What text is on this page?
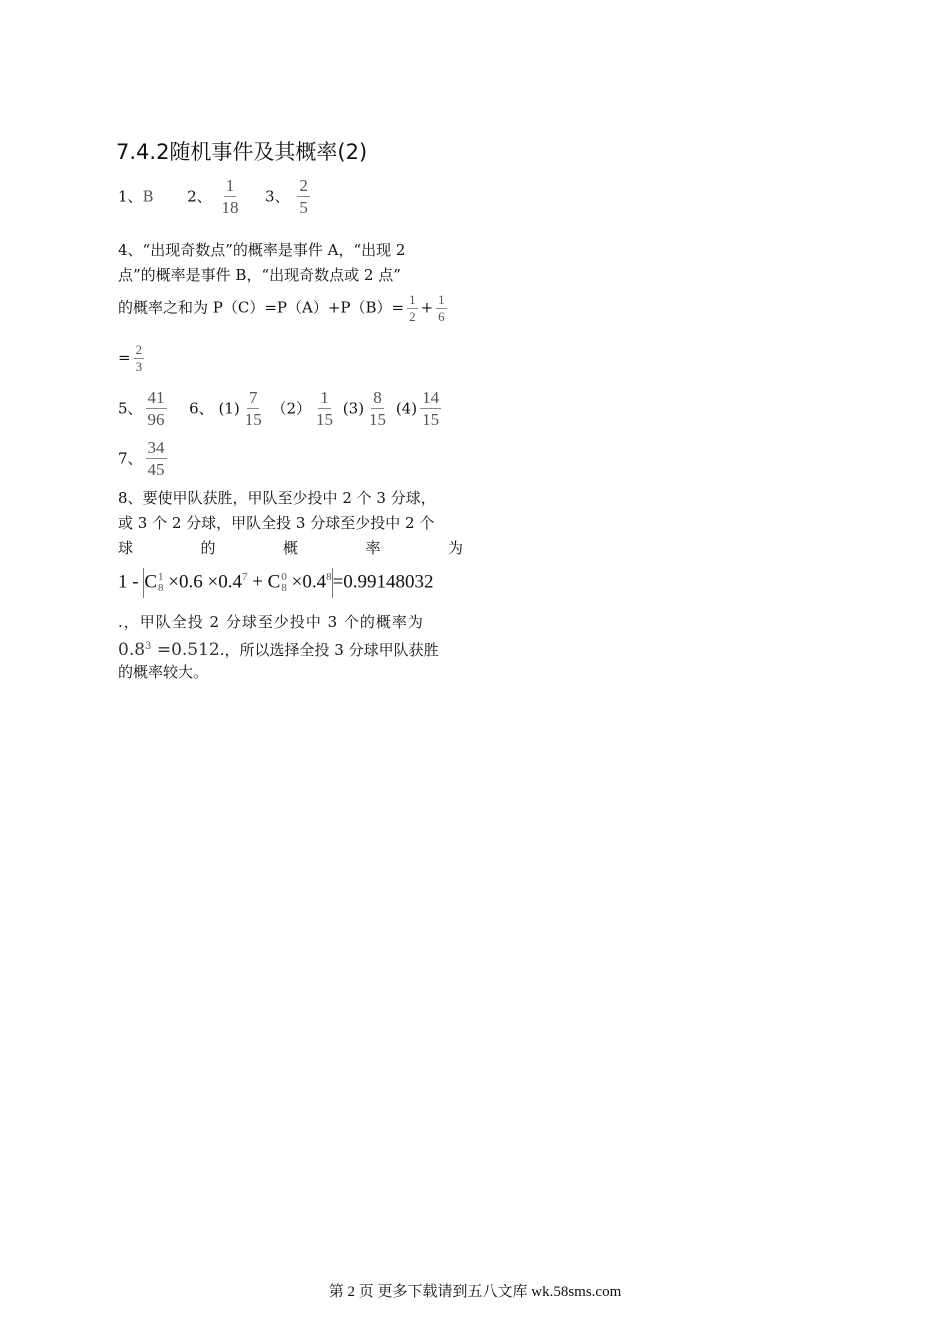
7.4.2随机事件及其概率(2)
1、B 2、 $\frac{1}{18} 3$、 $\frac{2}{5}$
4、“出现奇数点”的概率是事件 A，“出现 2
点”的概率是事件 B，“出现奇数点或 2 点”
的概率之和为 $P(C)=P(A)+P(B)= \frac{1}{2} + \frac{1}{6}$
= $\frac{2}{3}$
5、 $\frac{41}{96} 6$、 $(1) \frac{7}{15} (2) \frac{1}{15} (3) \frac{8}{15} (4) \frac{14}{15}$
7、 $\frac{34}{45}$
8、要使甲队获胜，甲队至少投中 2 个 3 分球，
或 3 个 2 分球，甲队全投 3 分球至少投中 2 个
球	的	概	率	为
1 - C 1
$8 \times 0.6 \times 0.4^7 + C$ 0
$8 \times 0.4^8=0.99148032$
.，甲队全投 2 分球至少投中 3 个的概率为
$0.8^3 =0.512$.，所以选择全投 3 分球甲队获胜
的概率较大。
第 2 页 更多下载请到五八文库 wk.58sms.com
